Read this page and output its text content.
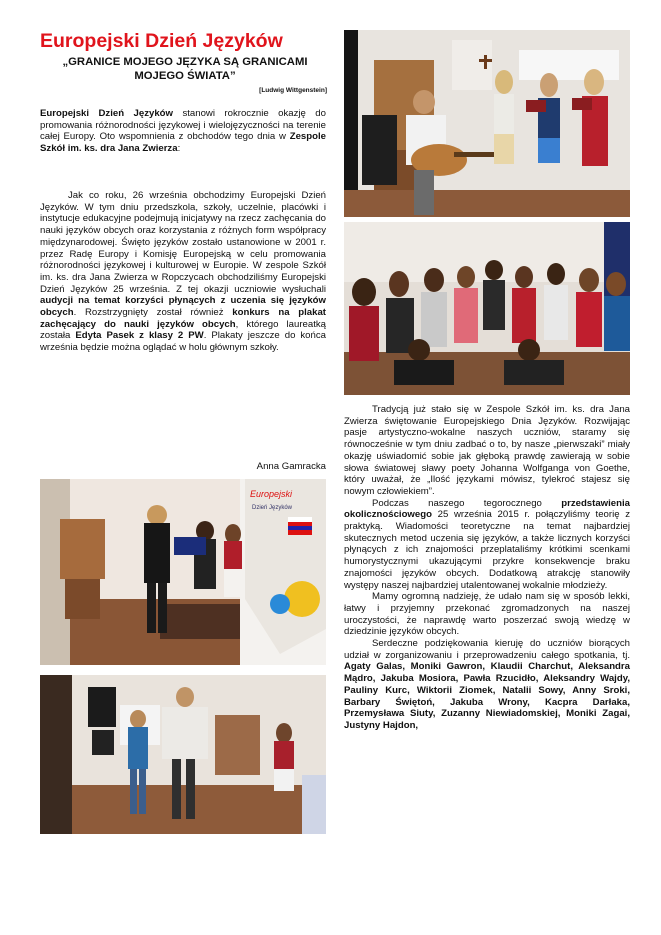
Europejski Dzień Języków
„GRANICE MOJEGO JĘZYKA SĄ GRANICAMI
MOJEGO ŚWIATA”
[Ludwig Wittgenstein]

Europejski Dzień Języków stanowi rokrocznie okazję do promowania różnorodności językowej i wielojęzyczności na terenie całej Europy. Oto wspomnienia z obchodów tego dnia w Zespole Szkół im. ks. dra Jana Zwierza:

Jak co roku, 26 września obchodzimy Europejski Dzień Języków. W tym dniu przedszkola, szkoły, uczelnie, placówki i instytucje edukacyjne podejmują inicjatywy na rzecz zachęcania do nauki języków obcych oraz korzystania z różnych form współpracy międzynarodowej. Święto języków zostało ustanowione w 2001 r. przez Radę Europy i Komisję Europejską w celu promowania różnorodności językowej i kulturowej w Europie. W zespole Szkół im. ks. dra Jana Zwierza w Ropczycach obchodziliśmy Europejski Dzień Języków 25 września. Z tej okazji uczniowie wysłuchali audycji na temat korzyści płynących z uczenia się języków obcych. Rozstrzygnięty został również konkurs na plakat zachęcający do nauki języków obcych, którego laureatką została Edyta Pasek z klasy 2 PW. Plakaty jeszcze do końca września będzie można oglądać w holu głównym szkoły.

Anna Gamracka
Europejski
Dzień Języków

Tradycją już stało się w Zespole Szkół im. ks. dra Jana Zwierza świętowanie Europejskiego Dnia Języków. Rozwijając pasje artystyczno-wokalne naszych uczniów, staramy się równocześnie w tym dniu zadbać o to, by nasze „pierwszaki” miały okazję uświadomić sobie jak głęboką prawdę zawierają w sobie słowa światowej sławy poety Johanna Wolfganga von Goethe, który uważał, że „Ilość językami mówisz, tylekroć stajesz się nowym człowiekiem”.

Podczas naszego tegorocznego przedstawienia okolicznościowego 25 września 2015 r. połączyliśmy teorię z praktyką. Wiadomości teoretyczne na temat najbardziej skutecznych metod uczenia się języków, a także licznych korzyści płynących z ich znajomości przeplataliśmy krótkimi scenkami humorystycznymi ukazującymi przykre konsekwencje braku znajomości języków obcych. Dodatkową atrakcję stanowiły występy naszej najbardziej utalentowanej wokalnie młodzieży.

Mamy ogromną nadzieję, że udało nam się w sposób lekki, łatwy i przyjemny przekonać zgromadzonych na naszej uroczystości, że naprawdę warto poszerzać swoją wiedzę w dziedzinie języków obcych.

Serdeczne podziękowania kieruję do uczniów biorących udział w zorganizowaniu i przeprowadzeniu całego spotkania, tj. Agaty Galas, Moniki Gawron, Klaudii Charchut, Aleksandra Mądro, Jakuba Mosiora, Pawła Rzucidło, Aleksandry Wajdy, Pauliny Kurc, Wiktorii Ziomek, Natalii Sowy, Anny Sroki, Barbary Świętoń, Jakuba Wrony, Kacpra Darłaka, Przemysława Siuty, Zuzanny Niewiadomskiej, Moniki Zagai, Justyny Hajdon,
